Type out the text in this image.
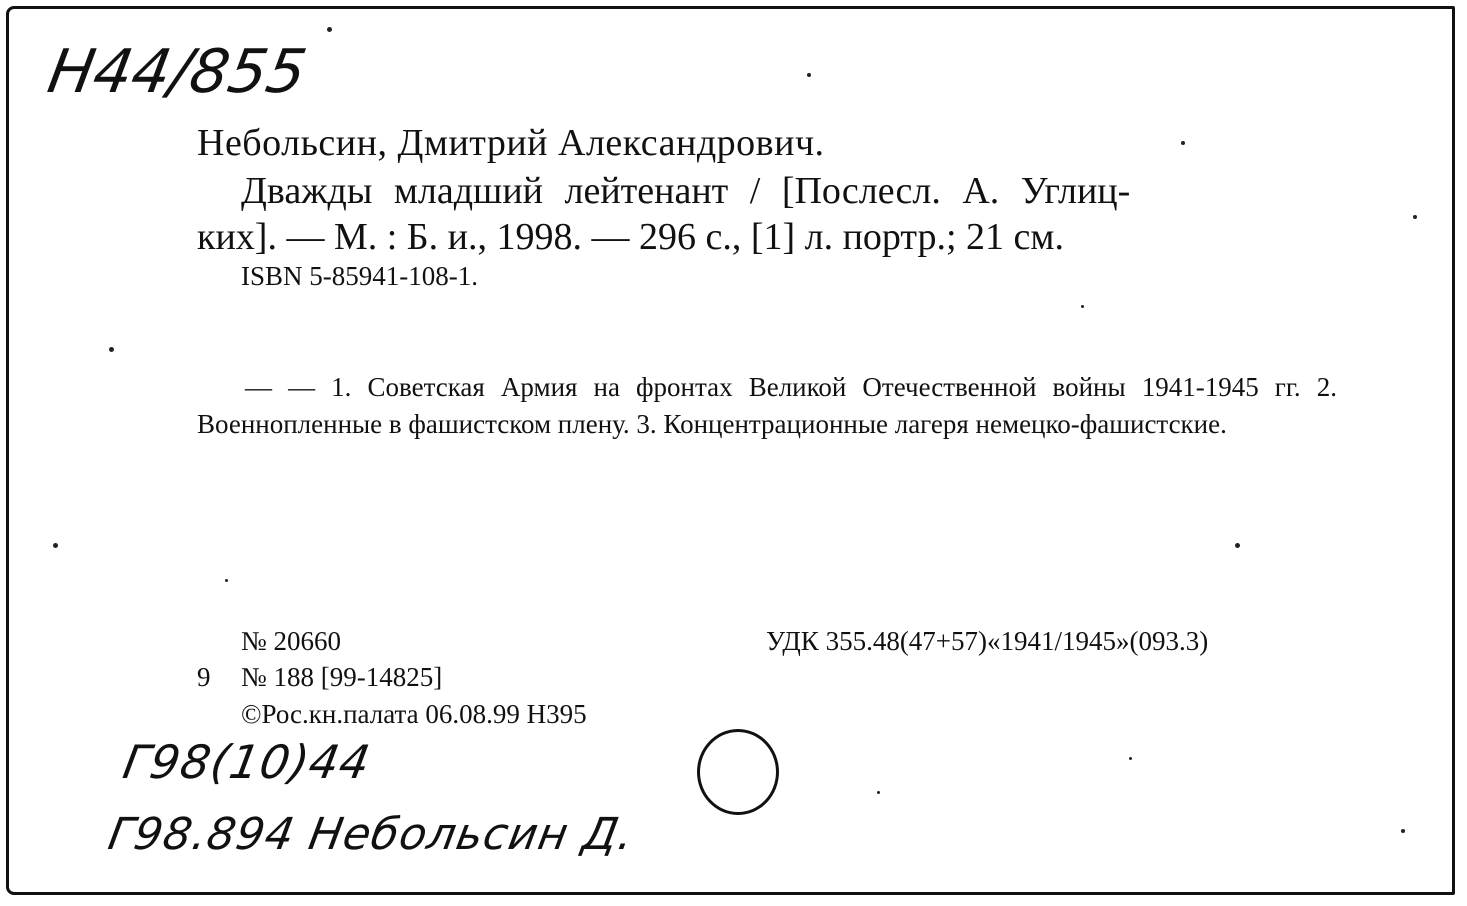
Н44/855
Небольсин, Дмитрий Александрович.
Дважды младший лейтенант / [Послесл. А. Углиц-
ких]. — М. : Б. и., 1998. — 296 с., [1] л. портр.; 21 см.
ISBN 5-85941-108-1.
— — 1. Советская Армия на фронтах Великой Отечественной войны 1941-1945 гг. 2. Военнопленные в фашистском плену. 3. Концентрационные лагеря немецко-фашистские.
№ 20660	УДК 355.48(47+57)«1941/1945»(093.3)
9 № 188 [99-14825]
©Рос.кн.палата 06.08.99 Н395
Г98(10)44
Г98.894 Небольсин Д.
